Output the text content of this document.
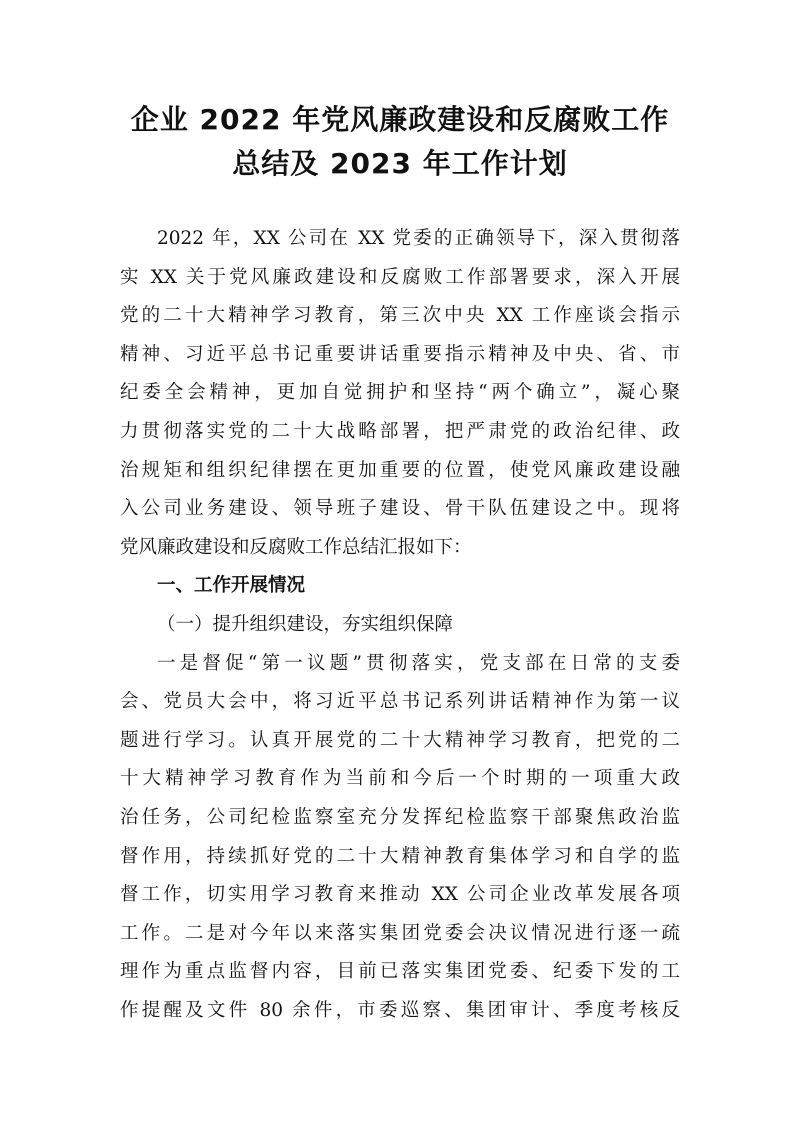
企业 2022 年党风廉政建设和反腐败工作
总结及 2023 年工作计划
2022 年，XX 公司在 XX 党委的正确领导下，深入贯彻落
实 XX 关于党风廉政建设和反腐败工作部署要求，深入开展
党的二十大精神学习教育，第三次中央 XX 工作座谈会指示
精神、习近平总书记重要讲话重要指示精神及中央、省、市
纪委全会精神，更加自觉拥护和坚持“两个确立”，凝心聚
力贯彻落实党的二十大战略部署，把严肃党的政治纪律、政
治规矩和组织纪律摆在更加重要的位置，使党风廉政建设融
入公司业务建设、领导班子建设、骨干队伍建设之中。现将
党风廉政建设和反腐败工作总结汇报如下：
一、工作开展情况
（一）提升组织建设，夯实组织保障
一是督促“第一议题”贯彻落实，党支部在日常的支委
会、党员大会中，将习近平总书记系列讲话精神作为第一议
题进行学习。认真开展党的二十大精神学习教育，把党的二
十大精神学习教育作为当前和今后一个时期的一项重大政
治任务，公司纪检监察室充分发挥纪检监察干部聚焦政治监
督作用，持续抓好党的二十大精神教育集体学习和自学的监
督工作，切实用学习教育来推动 XX 公司企业改革发展各项
工作。二是对今年以来落实集团党委会决议情况进行逐一疏
理作为重点监督内容，目前已落实集团党委、纪委下发的工
作提醒及文件 80 余件，市委巡察、集团审计、季度考核反
